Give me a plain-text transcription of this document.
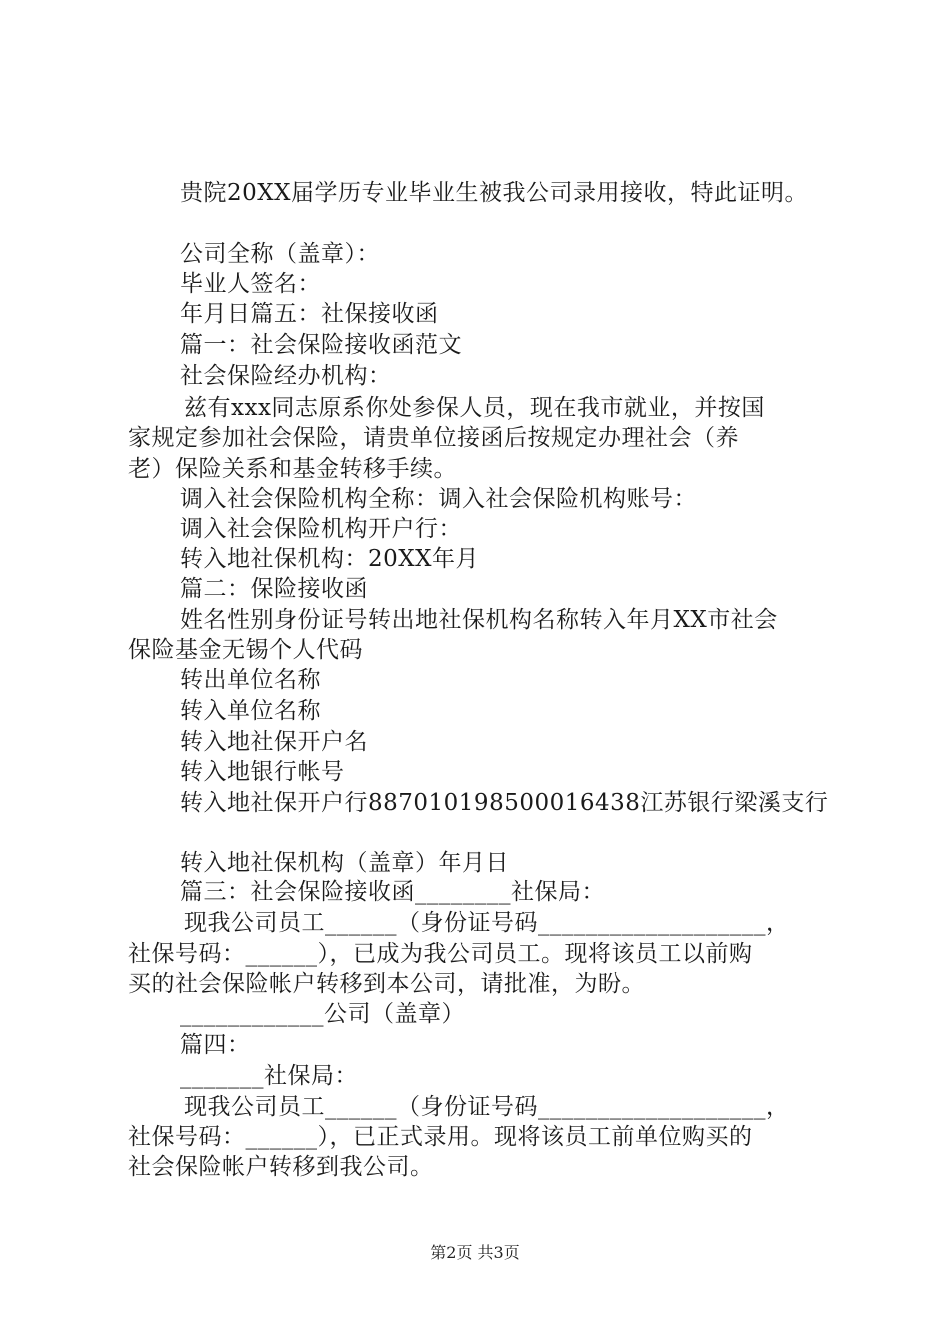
贵院20XX届学历专业毕业生被我公司录用接收，特此证明。
公司全称（盖章）：
毕业人签名：
年月日篇五：社保接收函
篇一：社会保险接收函范文
社会保险经办机构：
兹有xxx同志原系你处参保人员，现在我市就业，并按国
家规定参加社会保险，请贵单位接函后按规定办理社会（养
老）保险关系和基金转移手续。
调入社会保险机构全称：调入社会保险机构账号：
调入社会保险机构开户行：
转入地社保机构：20XX年月
篇二：保险接收函
姓名性别身份证号转出地社保机构名称转入年月XX市社会
保险基金无锡个人代码
转出单位名称
转入单位名称
转入地社保开户名
转入地银行帐号
转入地社保开户行887010198500016438江苏银行梁溪支行
转入地社保机构（盖章）年月日
篇三：社会保险接收函________社保局：
现我公司员工______（身份证号码___________________，
社保号码：______），已成为我公司员工。现将该员工以前购
买的社会保险帐户转移到本公司，请批准，为盼。
____________公司（盖章）
篇四：
_______社保局：
现我公司员工______（身份证号码___________________，
社保号码：______），已正式录用。现将该员工前单位购买的
社会保险帐户转移到我公司。
第2页 共3页
